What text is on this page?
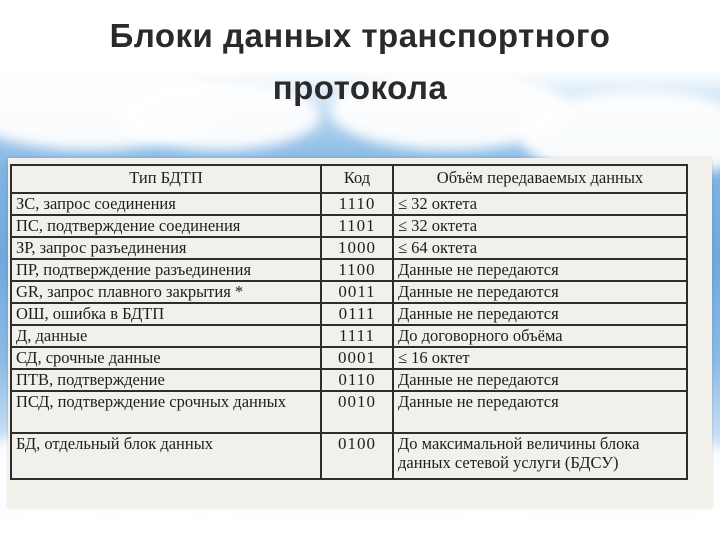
Блоки данных транспортного
протокола
Тип БДТП	Код	Объём передаваемых данных
ЗС, запрос соединения	1110	≤ 32 октета
ПС, подтверждение соединения	1101	≤ 32 октета
ЗР, запрос разъединения	1000	≤ 64 октета
ПР, подтверждение разъединения	1100	Данные не передаются
GR, запрос плавного закрытия *	0011	Данные не передаются
ОШ, ошибка в БДТП	0111	Данные не передаются
Д, данные	1111	До договорного объёма
СД, срочные данные	0001	≤ 16 октет
ПТВ, подтверждение	0110	Данные не передаются
ПСД, подтверждение срочных данных	0010	Данные не передаются
БД, отдельный блок данных	0100	До максимальной величины блока данных сетевой услуги (БДСУ)
